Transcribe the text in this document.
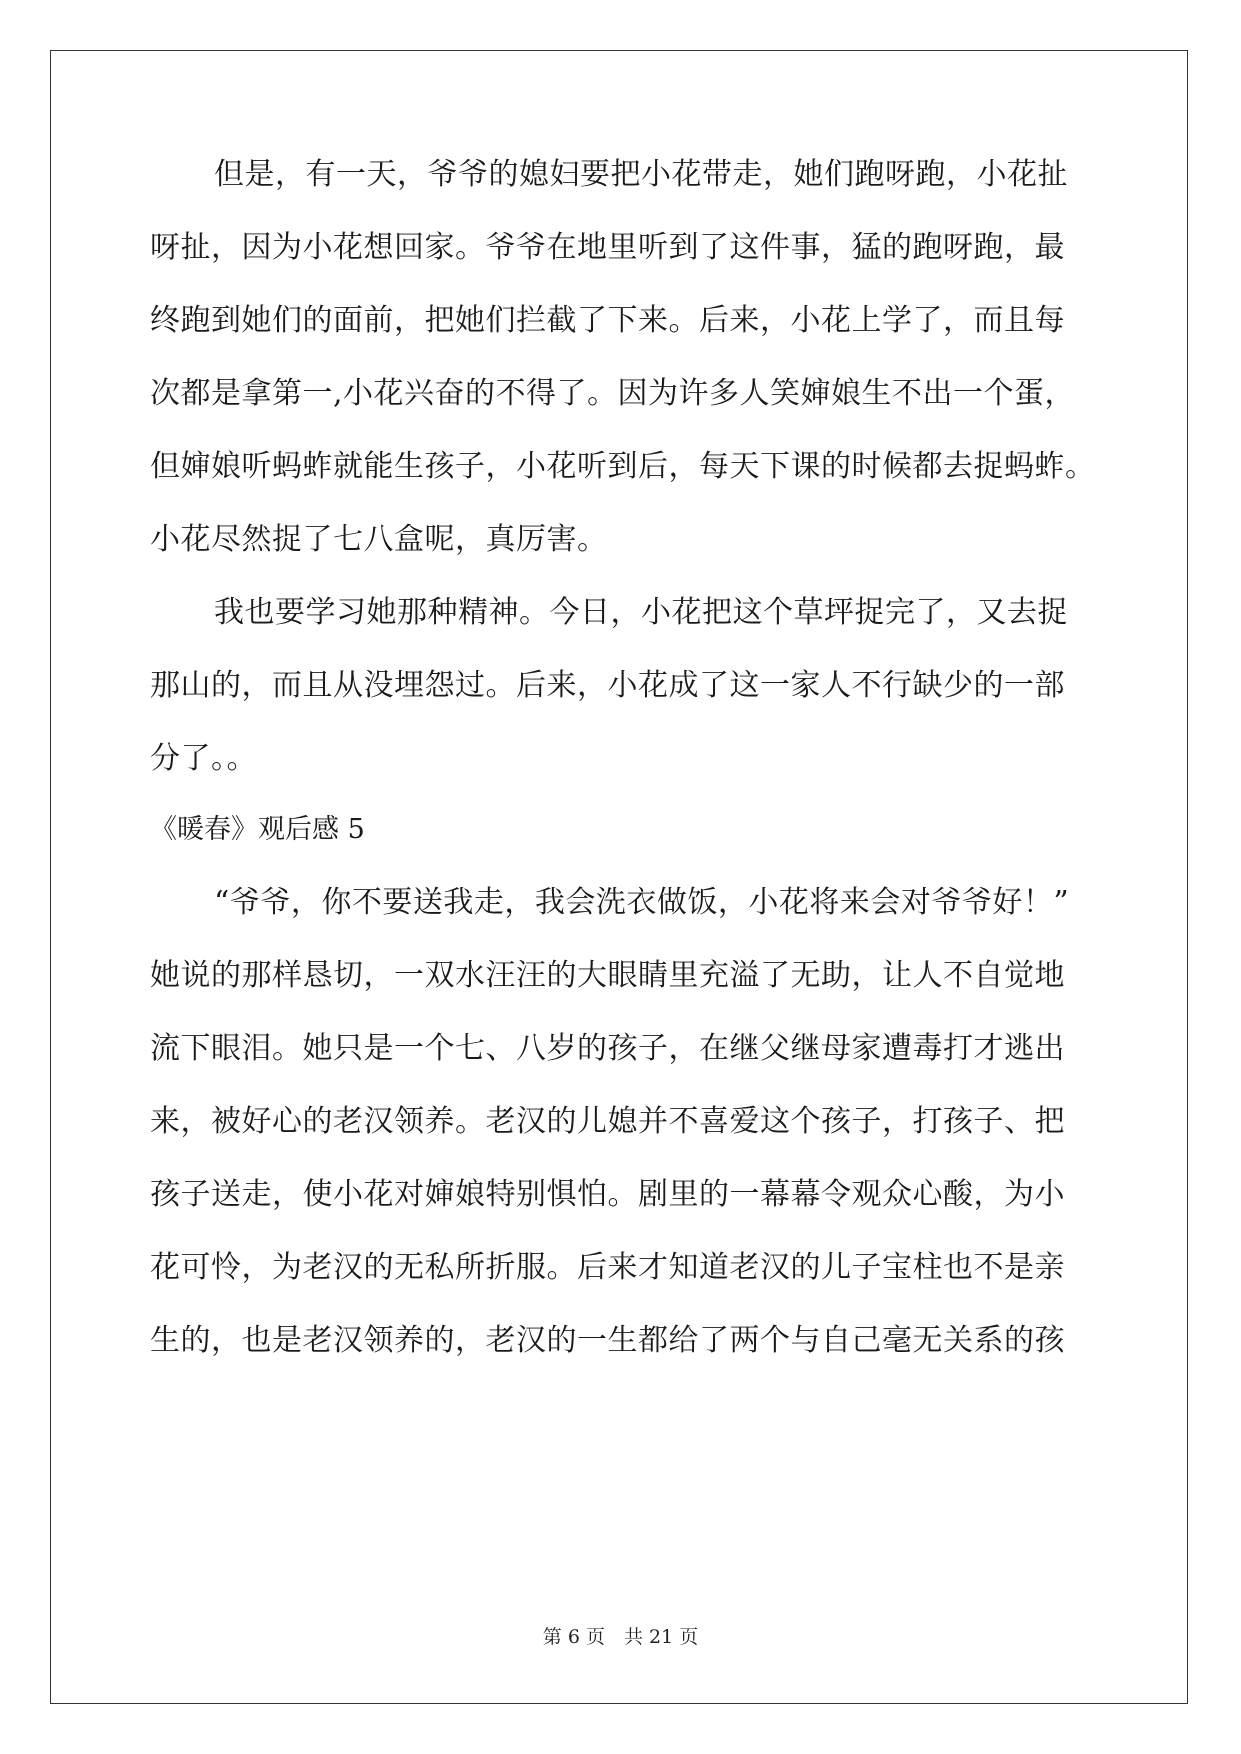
但是，有一天，爷爷的媳妇要把小花带走，她们跑呀跑，小花扯
呀扯，因为小花想回家。爷爷在地里听到了这件事，猛的跑呀跑，最
终跑到她们的面前，把她们拦截了下来。后来，小花上学了，而且每
次都是拿第一,小花兴奋的不得了。因为许多人笑婶娘生不出一个蛋，
但婶娘听蚂蚱就能生孩子，小花听到后，每天下课的时候都去捉蚂蚱。
小花尽然捉了七八盒呢，真厉害。
我也要学习她那种精神。今日，小花把这个草坪捉完了，又去捉
那山的，而且从没埋怨过。后来，小花成了这一家人不行缺少的一部
分了。。
《暖春》观后感 5
“爷爷，你不要送我走，我会洗衣做饭，小花将来会对爷爷好！”
她说的那样恳切，一双水汪汪的大眼睛里充溢了无助，让人不自觉地
流下眼泪。她只是一个七、八岁的孩子，在继父继母家遭毒打才逃出
来，被好心的老汉领养。老汉的儿媳并不喜爱这个孩子，打孩子、把
孩子送走，使小花对婶娘特别惧怕。剧里的一幕幕令观众心酸，为小
花可怜，为老汉的无私所折服。后来才知道老汉的儿子宝柱也不是亲
生的，也是老汉领养的，老汉的一生都给了两个与自己毫无关系的孩
第 6 页　共 21 页
